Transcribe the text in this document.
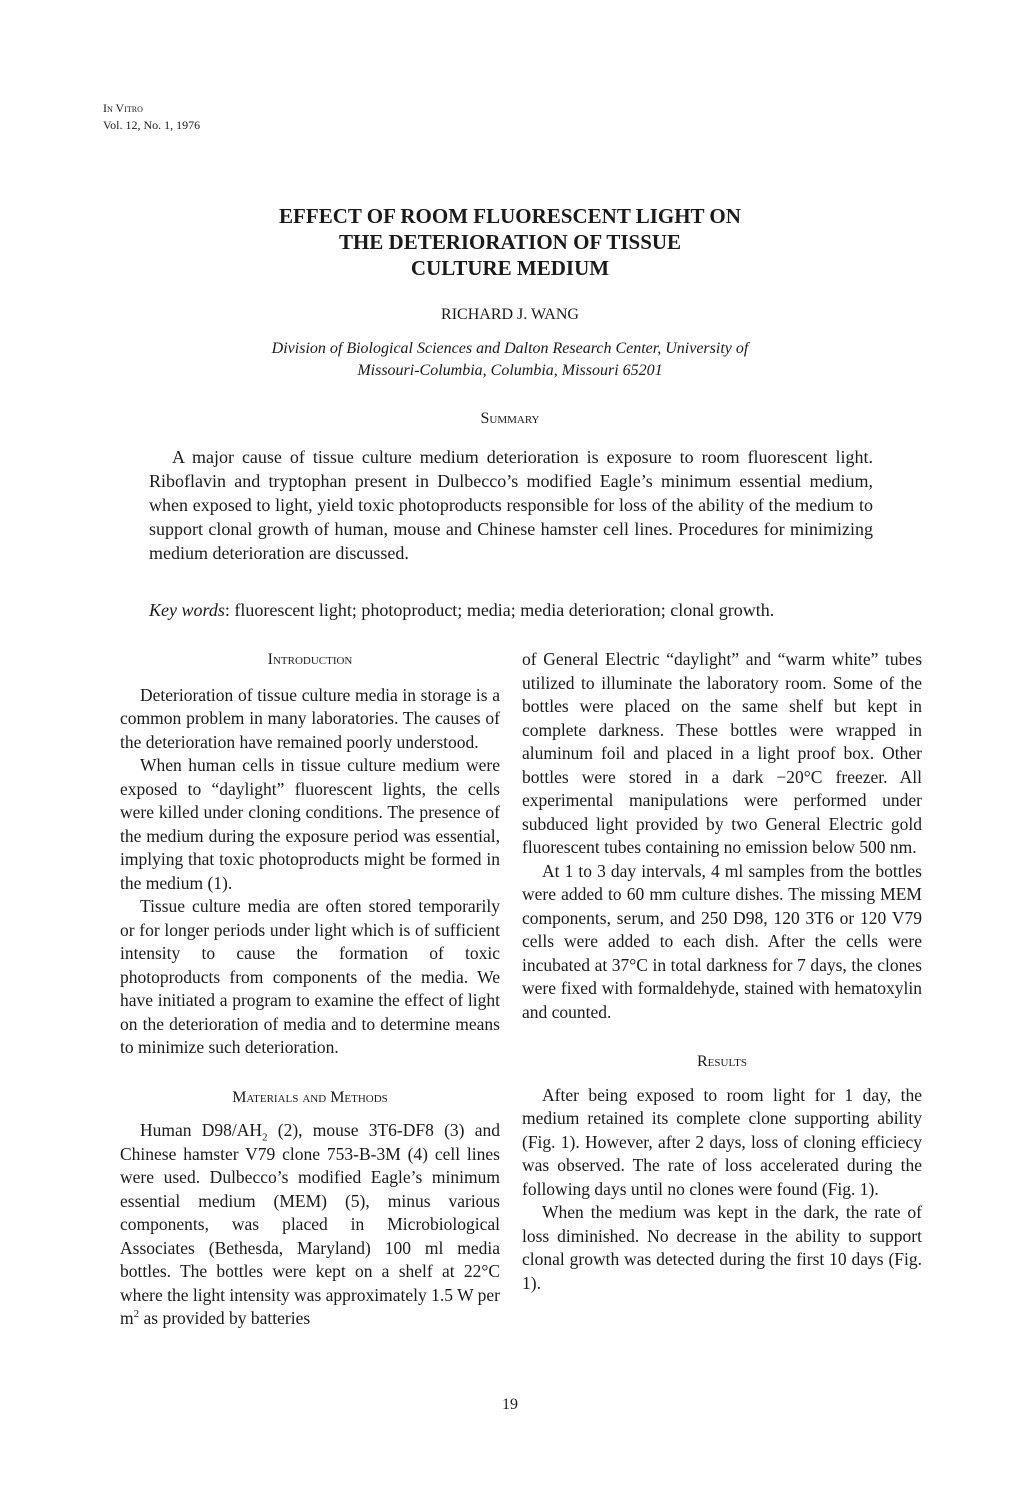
In Vitro
Vol. 12, No. 1, 1976
EFFECT OF ROOM FLUORESCENT LIGHT ON
THE DETERIORATION OF TISSUE
CULTURE MEDIUM
RICHARD J. WANG
Division of Biological Sciences and Dalton Research Center, University of
Missouri-Columbia, Columbia, Missouri 65201
Summary

A major cause of tissue culture medium deterioration is exposure to room fluorescent light. Riboflavin and tryptophan present in Dulbecco’s modified Eagle’s minimum essential medium, when exposed to light, yield toxic photoproducts responsible for loss of the ability of the medium to support clonal growth of human, mouse and Chinese hamster cell lines. Procedures for minimizing medium deterioration are discussed.

Key words: fluorescent light; photoproduct; media; media deterioration; clonal growth.

Introduction

Deterioration of tissue culture media in storage is a common problem in many laboratories. The causes of the deterioration have remained poorly understood.

When human cells in tissue culture medium were exposed to “daylight” fluorescent lights, the cells were killed under cloning conditions. The presence of the medium during the exposure period was essential, implying that toxic photoproducts might be formed in the medium (1).

Tissue culture media are often stored temporarily or for longer periods under light which is of sufficient intensity to cause the formation of toxic photoproducts from components of the media. We have initiated a program to examine the effect of light on the deterioration of media and to determine means to minimize such deterioration.

Materials and Methods

Human $D98/AH_2$ (2), mouse 3T6-DF8 (3) and Chinese hamster V79 clone 753-B-3M (4) cell lines were used. Dulbecco’s modified Eagle’s minimum essential medium (MEM) (5), minus various components, was placed in Microbiological Associates (Bethesda, Maryland) 100 ml media bottles. The bottles were kept on a shelf at 22°C where the light intensity was approximately 1.5 W per $m^2$ as provided by batteries

of General Electric “daylight” and “warm white” tubes utilized to illuminate the laboratory room. Some of the bottles were placed on the same shelf but kept in complete darkness. These bottles were wrapped in aluminum foil and placed in a light proof box. Other bottles were stored in a dark −20°C freezer. All experimental manipulations were performed under subduced light provided by two General Electric gold fluorescent tubes containing no emission below 500 nm.

At 1 to 3 day intervals, 4 ml samples from the bottles were added to 60 mm culture dishes. The missing MEM components, serum, and 250 D98, 120 3T6 or 120 V79 cells were added to each dish. After the cells were incubated at 37°C in total darkness for 7 days, the clones were fixed with formaldehyde, stained with hematoxylin and counted.

Results

After being exposed to room light for 1 day, the medium retained its complete clone supporting ability (Fig. 1). However, after 2 days, loss of cloning efficiecy was observed. The rate of loss accelerated during the following days until no clones were found (Fig. 1).

When the medium was kept in the dark, the rate of loss diminished. No decrease in the ability to support clonal growth was detected during the first 10 days (Fig. 1).

19
